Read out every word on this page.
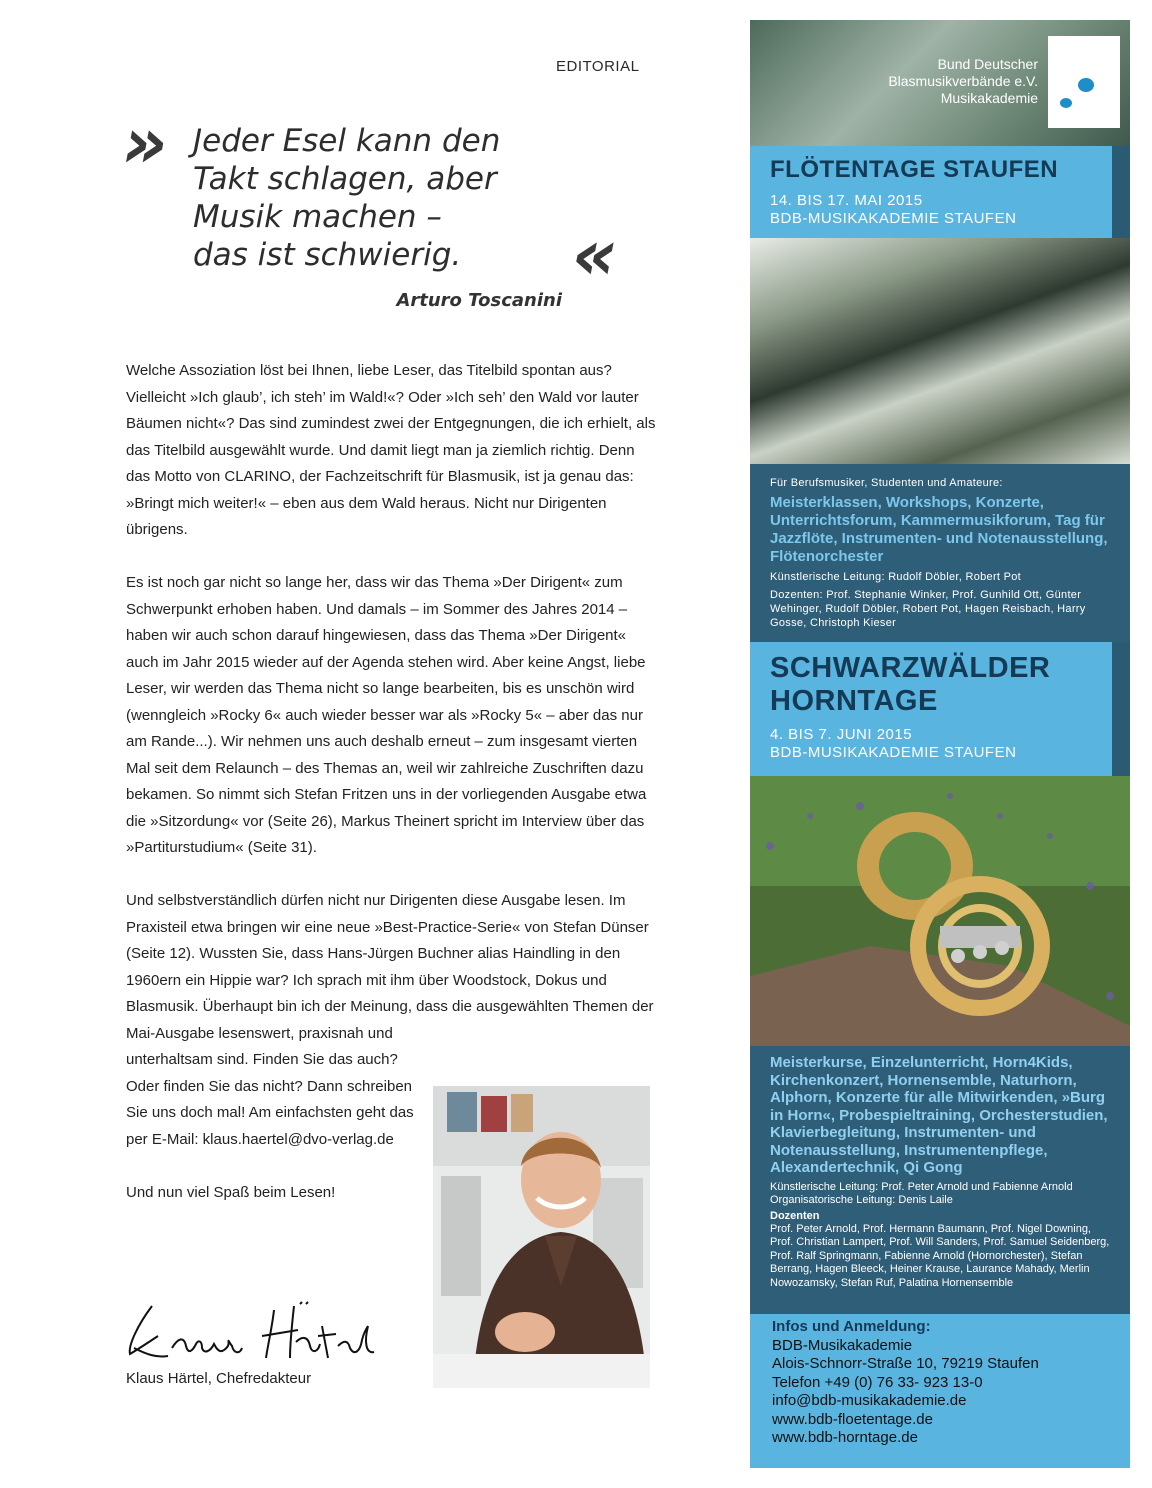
EDITORIAL
» Jeder Esel kann den
Takt schlagen, aber
Musik machen –
das ist schwierig.	«
Arturo Toscanini

Welche Assoziation löst bei Ihnen, liebe Leser, das Titelbild spontan aus? Vielleicht »Ich glaub’, ich steh’ im Wald!«? Oder »Ich seh’ den Wald vor lauter Bäumen nicht«? Das sind zumindest zwei der Entgegnungen, die ich erhielt, als das Titelbild ausgewählt wurde. Und damit liegt man ja ziemlich richtig. Denn das Motto von CLARINO, der Fachzeitschrift für Blasmusik, ist ja genau das: »Bringt mich weiter!« – eben aus dem Wald heraus. Nicht nur Dirigenten übrigens.

Es ist noch gar nicht so lange her, dass wir das Thema »Der Dirigent« zum Schwerpunkt erhoben haben. Und damals – im Sommer des Jahres 2014 – haben wir auch schon darauf hingewiesen, dass das Thema »Der Dirigent« auch im Jahr 2015 wieder auf der Agenda stehen wird. Aber keine Angst, liebe Leser, wir werden das Thema nicht so lange bearbeiten, bis es unschön wird (wenngleich »Rocky 6« auch wieder besser war als »Rocky 5« – aber das nur am Rande...). Wir nehmen uns auch deshalb erneut – zum insgesamt vierten Mal seit dem Relaunch – des Themas an, weil wir zahlreiche Zuschriften dazu bekamen. So nimmt sich Stefan Fritzen uns in der vorliegenden Ausgabe etwa die »Sitzordung« vor (Seite 26), Markus Theinert spricht im Interview über das »Partiturstudium« (Seite 31).

Und selbstverständlich dürfen nicht nur Dirigenten diese Ausgabe lesen. Im Praxisteil etwa bringen wir eine neue »Best-Practice-Serie« von Stefan Dünser (Seite 12). Wussten Sie, dass Hans-Jürgen Buchner alias Haindling in den 1960ern ein Hippie war? Ich sprach mit ihm über Woodstock, Dokus und Blasmusik. Überhaupt bin ich der Meinung, dass die ausgewählten Themen der Mai-Ausgabe lesenswert, praxisnah und

unterhaltsam sind. Finden Sie das auch? Oder finden Sie das nicht? Dann schreiben Sie uns doch mal! Am einfachsten geht das per E-Mail: klaus.haertel@dvo-verlag.de

Und nun viel Spaß beim Lesen!

Klaus Härtel, Chefredakteur
Bund Deutscher
Blasmusikverbände e.V.
Musikakademie
FLÖTENTAGE STAUFEN
14. BIS 17. MAI 2015
BDB-MUSIKAKADEMIE STAUFEN
Für Berufsmusiker, Studenten und Amateure:
Meisterklassen, Workshops, Konzerte, Unterrichtsforum, Kammermusikforum, Tag für Jazzflöte, Instrumenten- und Notenausstellung, Flötenorchester
Künstlerische Leitung: Rudolf Döbler, Robert Pot
Dozenten: Prof. Stephanie Winker, Prof. Gunhild Ott, Günter Wehinger, Rudolf Döbler, Robert Pot, Hagen Reisbach, Harry Gosse, Christoph Kieser
SCHWARZWÄLDER
HORNTAGE
4. BIS 7. JUNI 2015
BDB-MUSIKAKADEMIE STAUFEN
Meisterkurse, Einzelunterricht, Horn4Kids, Kirchenkonzert, Hornensemble, Naturhorn, Alphorn, Konzerte für alle Mitwirkenden, »Burg in Horn«, Probespieltraining, Orchesterstudien, Klavierbegleitung, Instrumenten- und Notenausstellung, Instrumentenpflege, Alexandertechnik, Qi Gong
Künstlerische Leitung: Prof. Peter Arnold und Fabienne Arnold
Organisatorische Leitung: Denis Laile
Dozenten
Prof. Peter Arnold, Prof. Hermann Baumann, Prof. Nigel Downing, Prof. Christian Lampert, Prof. Will Sanders, Prof. Samuel Seidenberg, Prof. Ralf Springmann, Fabienne Arnold (Hornorchester), Stefan Berrang, Hagen Bleeck, Heiner Krause, Laurance Mahady, Merlin Nowozamsky, Stefan Ruf, Palatina Hornensemble
Infos und Anmeldung:
BDB-Musikakademie
Alois-Schnorr-Straße 10, 79219 Staufen
Telefon +49 (0) 76 33- 923 13-0
info@bdb-musikakademie.de
www.bdb-floetentage.de
www.bdb-horntage.de
